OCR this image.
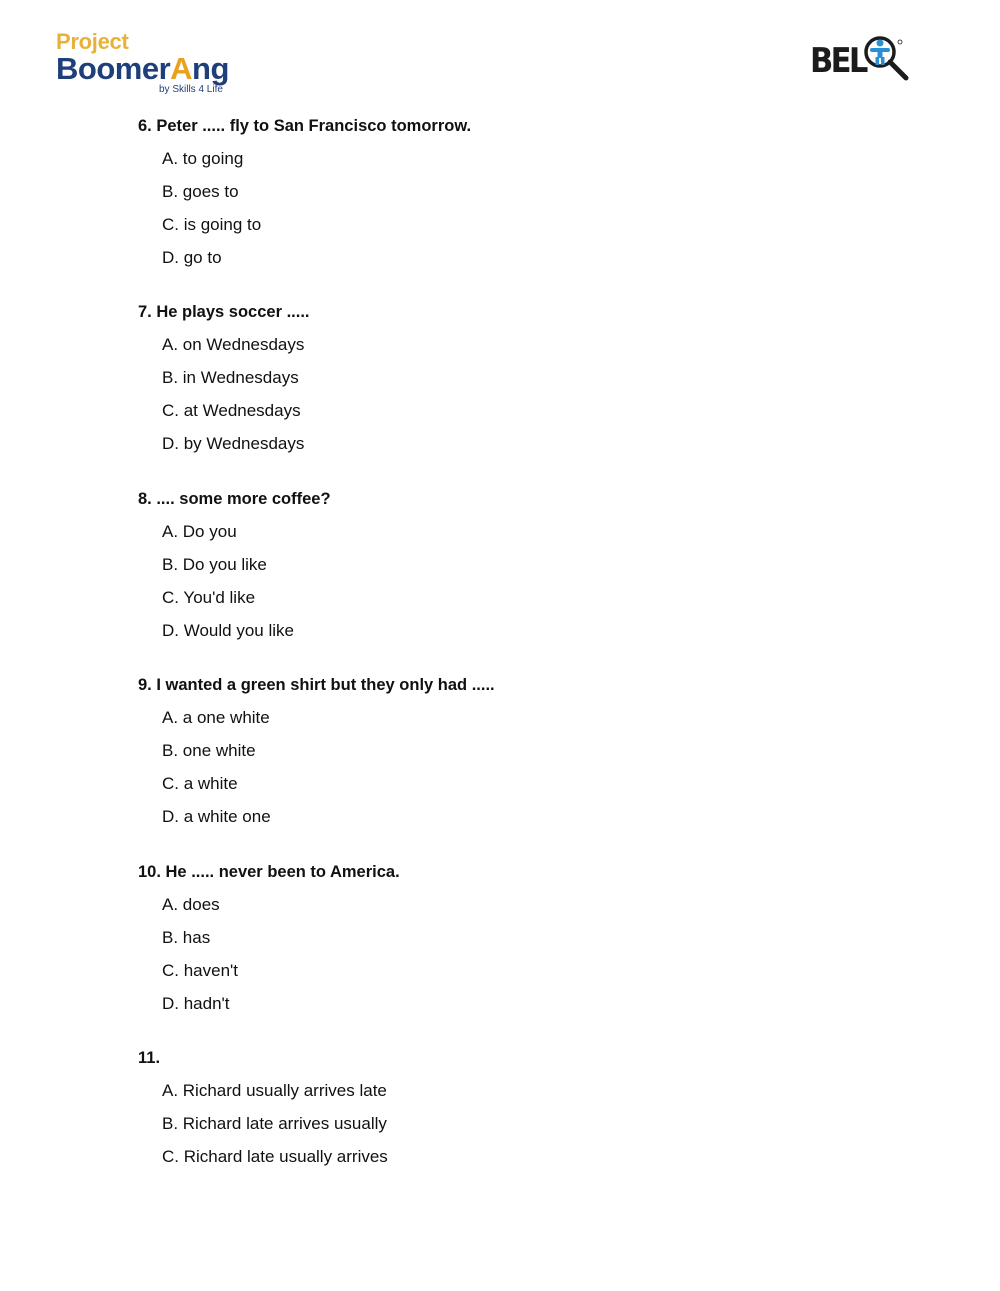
Project
BoomerAng
by Skills 4 Life
BEL
6. Peter ..... fly to San Francisco tomorrow.
A. to going
B. goes to
C. is going to
D. go to
7. He plays soccer .....
A. on Wednesdays
B. in Wednesdays
C. at Wednesdays
D. by Wednesdays
8. .... some more coffee?
A. Do you
B. Do you like
C. You'd like
D. Would you like
9. I wanted a green shirt but they only had .....
A. a one white
B. one white
C. a white
D. a white one
10. He ..... never been to America.
A. does
B. has
C. haven't
D. hadn't
11.
A. Richard usually arrives late
B. Richard late arrives usually
C. Richard late usually arrives
